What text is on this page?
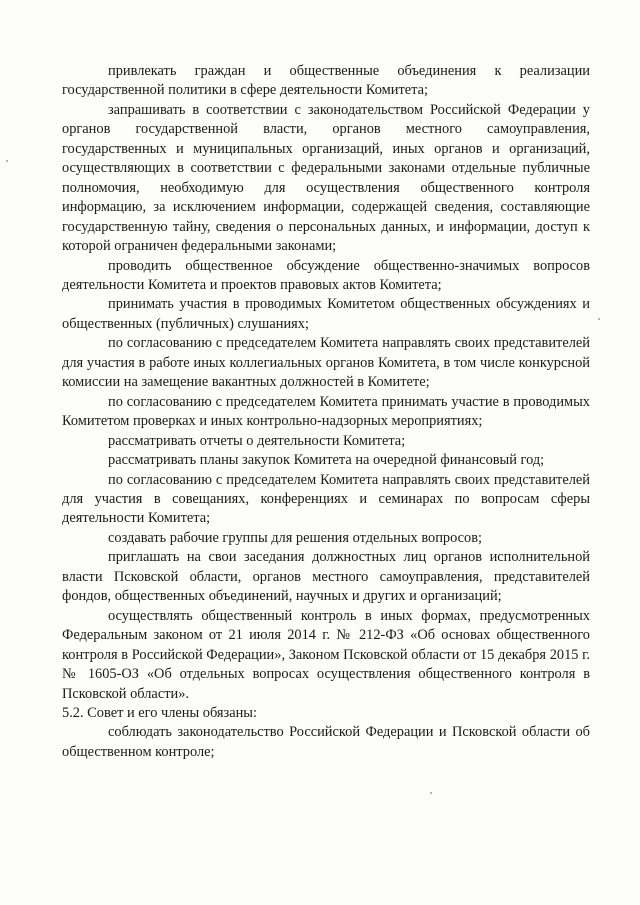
привлекать граждан и общественные объединения к реализации государственной политики в сфере деятельности Комитета;

запрашивать в соответствии с законодательством Российской Федерации у органов государственной власти, органов местного самоуправления, государственных и муниципальных организаций, иных органов и организаций, осуществляющих в соответствии с федеральными законами отдельные публичные полномочия, необходимую для осуществления общественного контроля информацию, за исключением информации, содержащей сведения, составляющие государственную тайну, сведения о персональных данных, и информации, доступ к которой ограничен федеральными законами;

проводить общественное обсуждение общественно-значимых вопросов деятельности Комитета и проектов правовых актов Комитета;

принимать участия в проводимых Комитетом общественных обсуждениях и общественных (публичных) слушаниях;

по согласованию с председателем Комитета направлять своих представителей для участия в работе иных коллегиальных органов Комитета, в том числе конкурсной комиссии на замещение вакантных должностей в Комитете;

по согласованию с председателем Комитета принимать участие в проводимых Комитетом проверках и иных контрольно-надзорных мероприятиях;

рассматривать отчеты о деятельности Комитета;

рассматривать планы закупок Комитета на очередной финансовый год;

по согласованию с председателем Комитета направлять своих представителей для участия в совещаниях, конференциях и семинарах по вопросам сферы деятельности Комитета;

создавать рабочие группы для решения отдельных вопросов;

приглашать на свои заседания должностных лиц органов исполнительной власти Псковской области, органов местного самоуправления, представителей фондов, общественных объединений, научных и других и организаций;

осуществлять общественный контроль в иных формах, предусмотренных Федеральным законом от 21 июля 2014 г. № 212-ФЗ «Об основах общественного контроля в Российской Федерации», Законом Псковской области от 15 декабря 2015 г. № 1605-ОЗ «Об отдельных вопросах осуществления общественного контроля в Псковской области».

5.2. Совет и его члены обязаны:

соблюдать законодательство Российской Федерации и Псковской области об общественном контроле;
